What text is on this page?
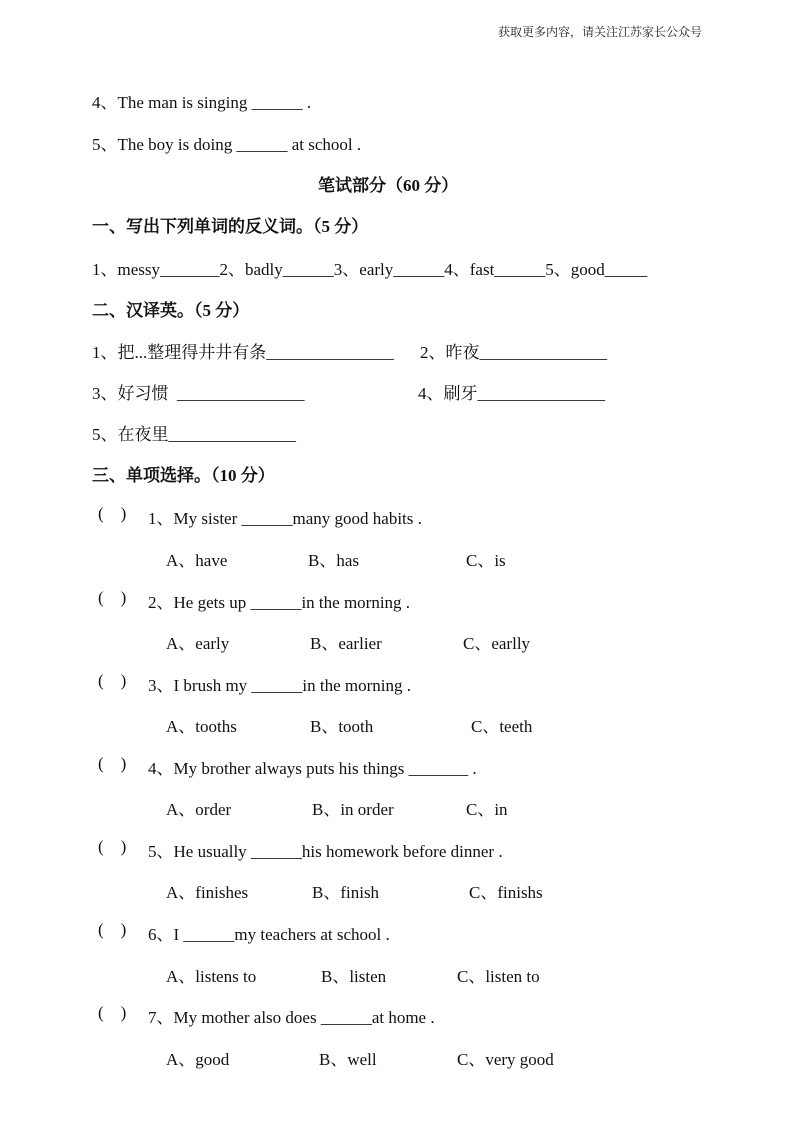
获取更多内容，请关注江苏家长公众号
4、The man is singing ______ .
5、The boy is doing ______ at school .
笔试部分（60 分）
一、写出下列单词的反义词。（5 分）
1、messy_______2、badly______3、early______4、fast______5、good_____
二、汉译英。（5 分）
1、把...整理得井井有条_______________ 2、昨夜_______________
3、好习惯  _______________	4、刷牙_______________
5、在夜里_______________
三、单项选择。（10 分）
(    ) 1、My sister ______many good habits .
A、have	B、has	C、is
(    ) 2、He gets up ______in the morning .
A、early	B、earlier	C、earlly
(    ) 3、I brush my ______in the morning .
A、tooths	B、tooth	C、teeth
(    ) 4、My brother always puts his things _______ .
A、order	B、in order	C、in
(    ) 5、He usually ______his homework before dinner .
A、finishes	B、finish	C、finishs
(    ) 6、I ______my teachers at school .
A、listens to	B、listen	C、listen to
(    ) 7、My mother also does ______at home .
A、good	B、well	C、very good
